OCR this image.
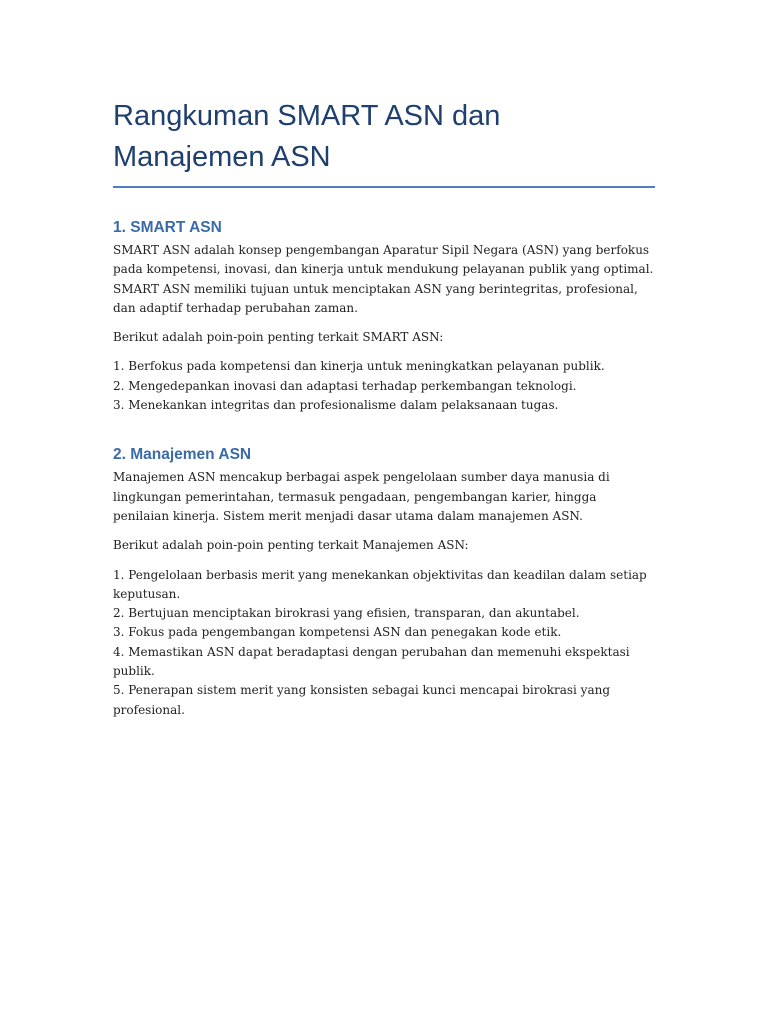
Rangkuman SMART ASN dan Manajemen ASN
1. SMART ASN

SMART ASN adalah konsep pengembangan Aparatur Sipil Negara (ASN) yang berfokus pada kompetensi, inovasi, dan kinerja untuk mendukung pelayanan publik yang optimal. SMART ASN memiliki tujuan untuk menciptakan ASN yang berintegritas, profesional, dan adaptif terhadap perubahan zaman.

Berikut adalah poin-poin penting terkait SMART ASN:

1. Berfokus pada kompetensi dan kinerja untuk meningkatkan pelayanan publik.
2. Mengedepankan inovasi dan adaptasi terhadap perkembangan teknologi.
3. Menekankan integritas dan profesionalisme dalam pelaksanaan tugas.
2. Manajemen ASN

Manajemen ASN mencakup berbagai aspek pengelolaan sumber daya manusia di lingkungan pemerintahan, termasuk pengadaan, pengembangan karier, hingga penilaian kinerja. Sistem merit menjadi dasar utama dalam manajemen ASN.

Berikut adalah poin-poin penting terkait Manajemen ASN:

1. Pengelolaan berbasis merit yang menekankan objektivitas dan keadilan dalam setiap keputusan.
2. Bertujuan menciptakan birokrasi yang efisien, transparan, dan akuntabel.
3. Fokus pada pengembangan kompetensi ASN dan penegakan kode etik.
4. Memastikan ASN dapat beradaptasi dengan perubahan dan memenuhi ekspektasi publik.
5. Penerapan sistem merit yang konsisten sebagai kunci mencapai birokrasi yang profesional.
